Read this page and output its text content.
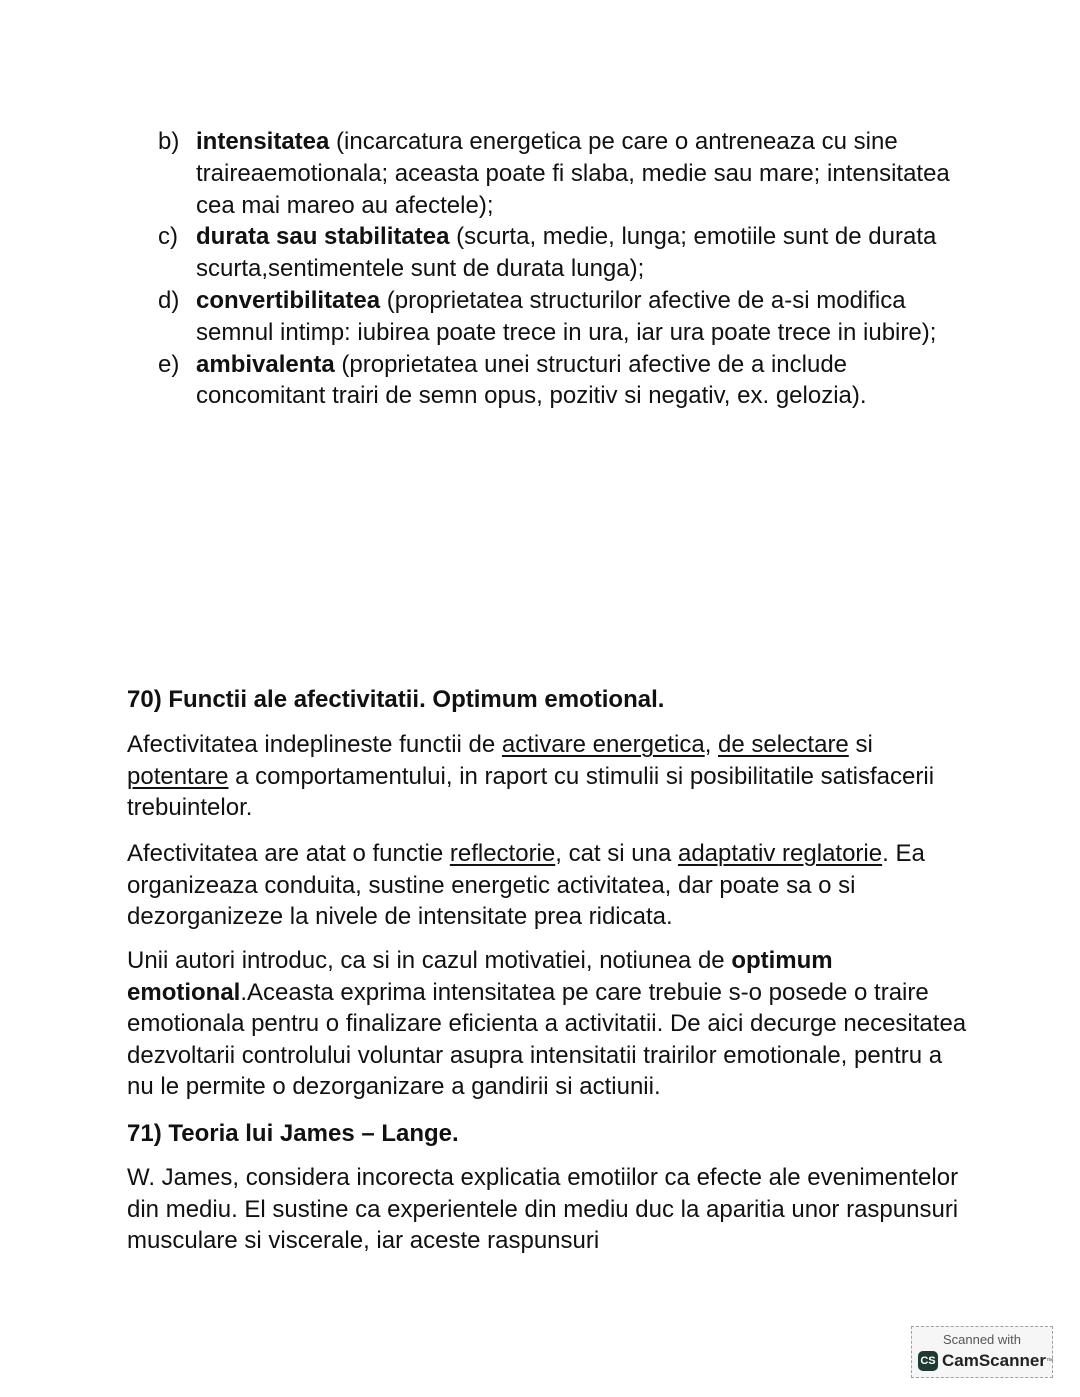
b) intensitatea (incarcatura energetica pe care o antreneaza cu sine traireaemotionala; aceasta poate fi slaba, medie sau mare; intensitatea cea mai mareo au afectele);
c) durata sau stabilitatea (scurta, medie, lunga; emotiile sunt de durata scurta,sentimentele sunt de durata lunga);
d) convertibilitatea (proprietatea structurilor afective de a-si modifica semnul intimp: iubirea poate trece in ura, iar ura poate trece in iubire);
e) ambivalenta (proprietatea unei structuri afective de a include concomitant trairi de semn opus, pozitiv si negativ, ex. gelozia).
70) Functii ale afectivitatii. Optimum emotional.

Afectivitatea indeplineste functii de activare energetica, de selectare si potentare a comportamentului, in raport cu stimulii si posibilitatile satisfacerii trebuintelor.

Afectivitatea are atat o functie reflectorie, cat si una adaptativ reglatorie. Ea organizeaza conduita, sustine energetic activitatea, dar poate sa o si dezorganizeze la nivele de intensitate prea ridicata.

Unii autori introduc, ca si in cazul motivatiei, notiunea de optimum emotional.Aceasta exprima intensitatea pe care trebuie s-o posede o traire emotionala pentru o finalizare eficienta a activitatii. De aici decurge necesitatea dezvoltarii controlului voluntar asupra intensitatii trairilor emotionale, pentru a nu le permite o dezorganizare a gandirii si actiunii.

71) Teoria lui James – Lange.

W. James, considera incorecta explicatia emotiilor ca efecte ale evenimentelor din mediu. El sustine ca experientele din mediu duc la aparitia unor raspunsuri musculare si viscerale, iar aceste raspunsuri

Scanned with
CS CamScanner ™
